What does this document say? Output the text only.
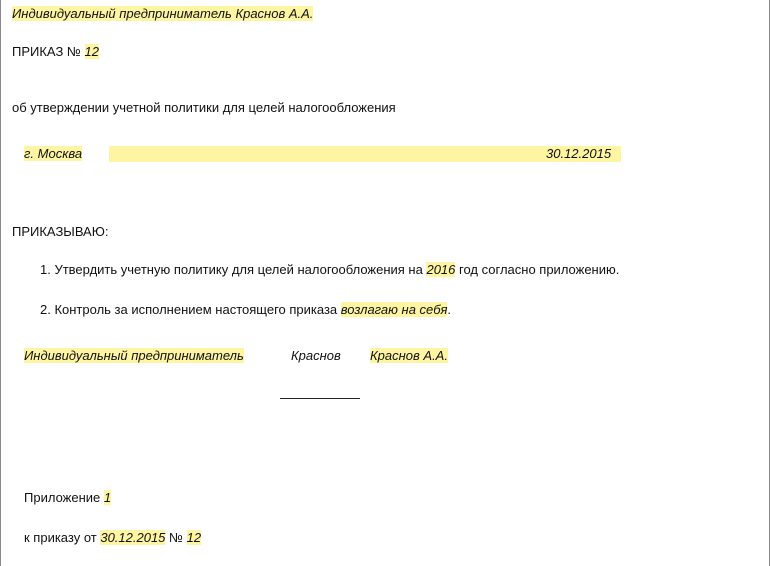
Индивидуальный предприниматель Краснов А.А.
ПРИКАЗ № 12
об утверждении учетной политики для целей налогообложения
г. Москва	30.12.2015
ПРИКАЗЫВАЮ:
1. Утвердить учетную политику для целей налогообложения на 2016 год согласно приложению.
2. Контроль за исполнением настоящего приказа возлагаю на себя.
Индивидуальный предприниматель	Краснов Краснов А.А.
Приложение 1
к приказу от 30.12.2015 № 12
